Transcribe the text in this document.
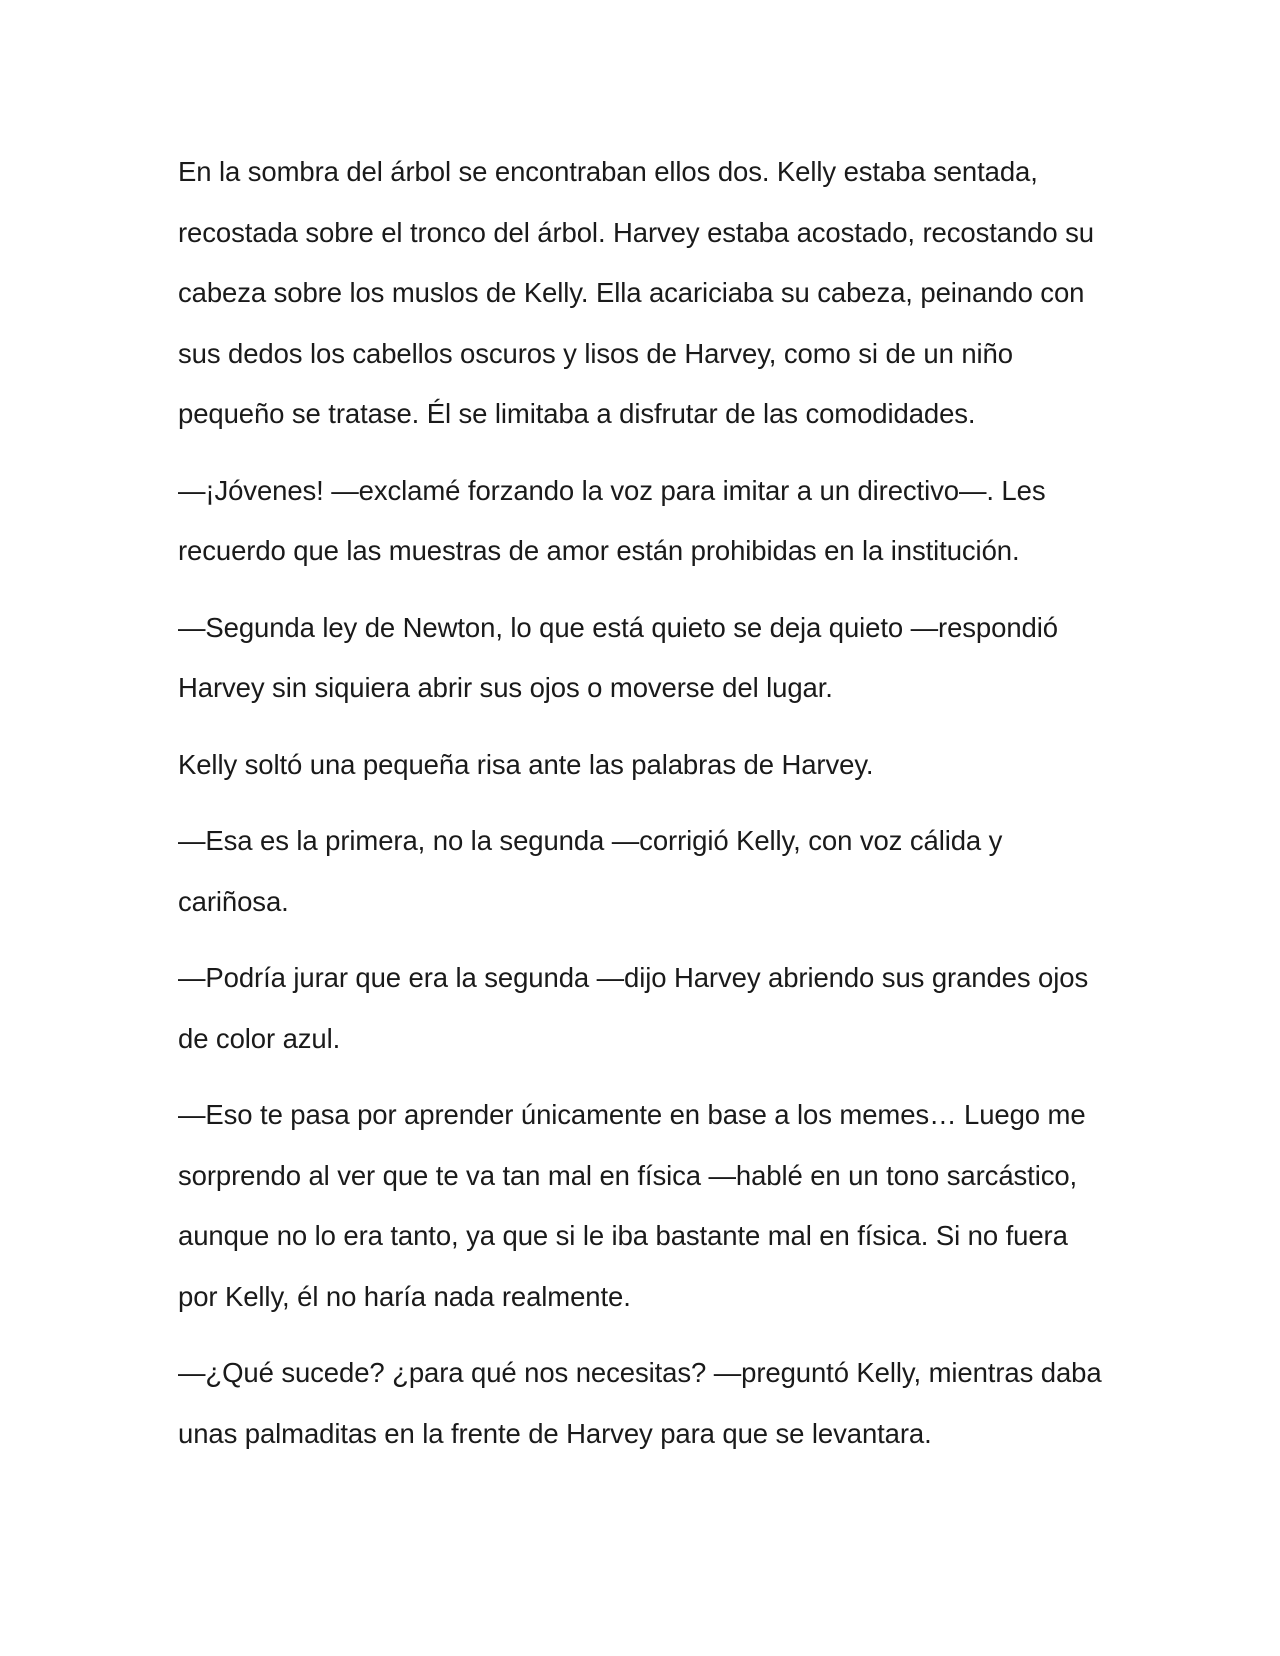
En la sombra del árbol se encontraban ellos dos. Kelly estaba sentada, recostada sobre el tronco del árbol. Harvey estaba acostado, recostando su cabeza sobre los muslos de Kelly. Ella acariciaba su cabeza, peinando con sus dedos los cabellos oscuros y lisos de Harvey, como si de un niño pequeño se tratase. Él se limitaba a disfrutar de las comodidades.

—¡Jóvenes! —exclamé forzando la voz para imitar a un directivo—. Les recuerdo que las muestras de amor están prohibidas en la institución.

—Segunda ley de Newton, lo que está quieto se deja quieto —respondió Harvey sin siquiera abrir sus ojos o moverse del lugar.

Kelly soltó una pequeña risa ante las palabras de Harvey.

—Esa es la primera, no la segunda —corrigió Kelly, con voz cálida y cariñosa.

—Podría jurar que era la segunda —dijo Harvey abriendo sus grandes ojos de color azul.

—Eso te pasa por aprender únicamente en base a los memes… Luego me sorprendo al ver que te va tan mal en física —hablé en un tono sarcástico, aunque no lo era tanto, ya que si le iba bastante mal en física. Si no fuera por Kelly, él no haría nada realmente.

—¿Qué sucede? ¿para qué nos necesitas? —preguntó Kelly, mientras daba unas palmaditas en la frente de Harvey para que se levantara.
